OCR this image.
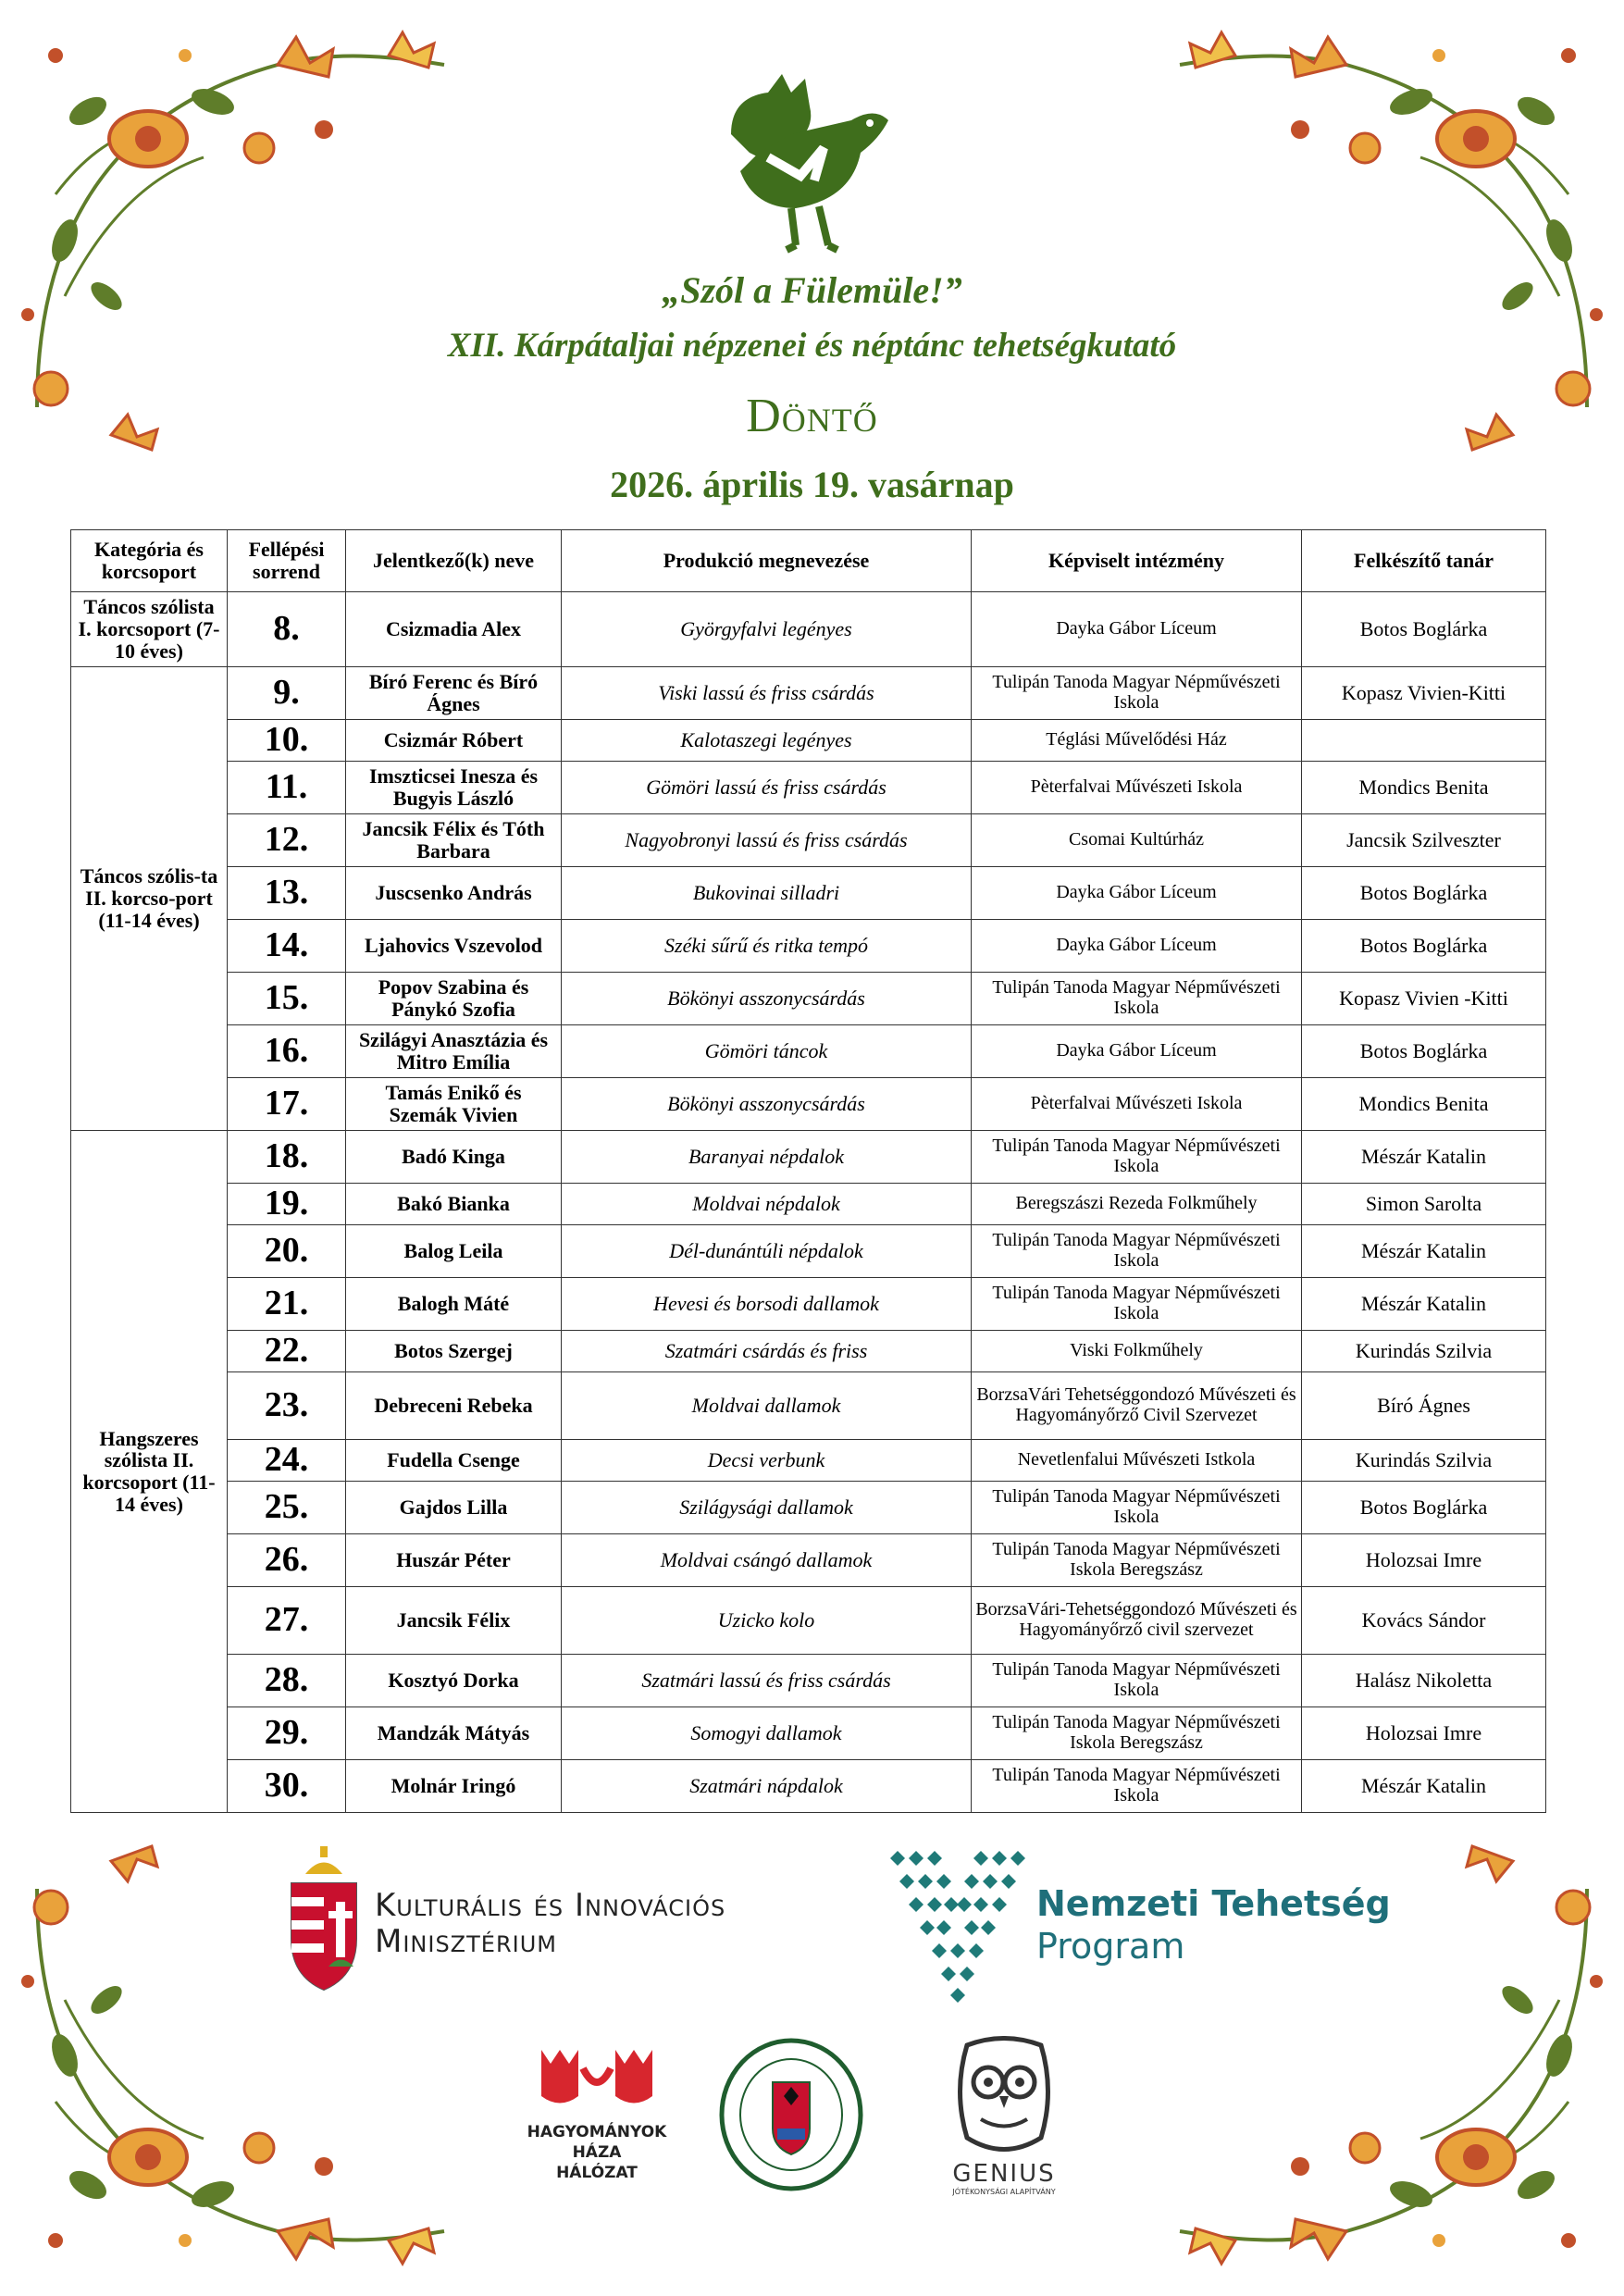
„Szól a Fülemüle!”
XII. Kárpátaljai népzenei és néptánc tehetségkutató
Döntő
2026. április 19. vasárnap
Kategória és korcsoport	Fellépési sorrend	Jelentkező(k) neve	Produkció megnevezése	Képviselt intézmény	Felkészítő tanár
Táncos szólista I. korcsoport (7-10 éves)	8.	Csizmadia Alex	Györgyfalvi legényes	Dayka Gábor Líceum	Botos Boglárka
Táncos szólis-ta II. korcso-port (11-14 éves)	9.	Bíró Ferenc és Bíró Ágnes	Viski lassú és friss csárdás	Tulipán Tanoda Magyar Népművészeti Iskola	Kopasz Vivien-Kitti
	10.	Csizmár Róbert	Kalotaszegi legényes	Téglási Művelődési Ház	
	11.	Imszticsei Inesza és Bugyis László	Gömöri lassú és friss csárdás	Pèterfalvai Művészeti Iskola	Mondics Benita
	12.	Jancsik Félix és Tóth Barbara	Nagyobronyi lassú és friss csárdás	Csomai Kultúrház	Jancsik Szilveszter
	13.	Juscsenko András	Bukovinai silladri	Dayka Gábor Líceum	Botos Boglárka
	14.	Ljahovics Vszevolod	Széki sűrű és ritka tempó	Dayka Gábor Líceum	Botos Boglárka
	15.	Popov Szabina és Pánykó Szofia	Bökönyi asszonycsárdás	Tulipán Tanoda Magyar Népművészeti Iskola	Kopasz Vivien -Kitti
	16.	Szilágyi Anasztázia és Mitro Emília	Gömöri táncok	Dayka Gábor Líceum	Botos Boglárka
	17.	Tamás Enikő és Szemák Vivien	Bökönyi asszonycsárdás	Pèterfalvai Művészeti Iskola	Mondics Benita
Hangszeres szólista II. korcsoport (11-14 éves)	18.	Badó Kinga	Baranyai népdalok	Tulipán Tanoda Magyar Népművészeti Iskola	Mészár Katalin
	19.	Bakó Bianka	Moldvai népdalok	Beregszászi Rezeda Folkműhely	Simon Sarolta
	20.	Balog Leila	Dél-dunántúli népdalok	Tulipán Tanoda Magyar Népművészeti Iskola	Mészár Katalin
	21.	Balogh Máté	Hevesi és borsodi dallamok	Tulipán Tanoda Magyar Népművészeti Iskola	Mészár Katalin
	22.	Botos Szergej	Szatmári csárdás és friss	Viski Folkműhely	Kurindás Szilvia
	23.	Debreceni Rebeka	Moldvai dallamok	BorzsaVári Tehetséggondozó Művészeti és Hagyományőrző Civil Szervezet	Bíró Ágnes
	24.	Fudella Csenge	Decsi verbunk	Nevetlenfalui Művészeti Istkola	Kurindás Szilvia
	25.	Gajdos Lilla	Szilágysági dallamok	Tulipán Tanoda Magyar Népművészeti Iskola	Botos Boglárka
	26.	Huszár Péter	Moldvai csángó dallamok	Tulipán Tanoda Magyar Népművészeti Iskola Beregszász	Holozsai Imre
	27.	Jancsik Félix	Uzicko kolo	BorzsaVári-Tehetséggondozó Művészeti és Hagyományőrző civil szervezet	Kovács Sándor
	28.	Kosztyó Dorka	Szatmári lassú és friss csárdás	Tulipán Tanoda Magyar Népművészeti Iskola	Halász Nikoletta
	29.	Mandzák Mátyás	Somogyi dallamok	Tulipán Tanoda Magyar Népművészeti Iskola Beregszász	Holozsai Imre
	30.	Molnár Iringó	Szatmári nápdalok	Tulipán Tanoda Magyar Népművészeti Iskola	Mészár Katalin
Kulturális és Innovációs
Minisztérium
Nemzeti Tehetség
Program
HAGYOMÁNYOK
HÁZA
HÁLÓZAT	GENIUS
JÓTÉKONYSÁGI ALAPÍTVÁNY
